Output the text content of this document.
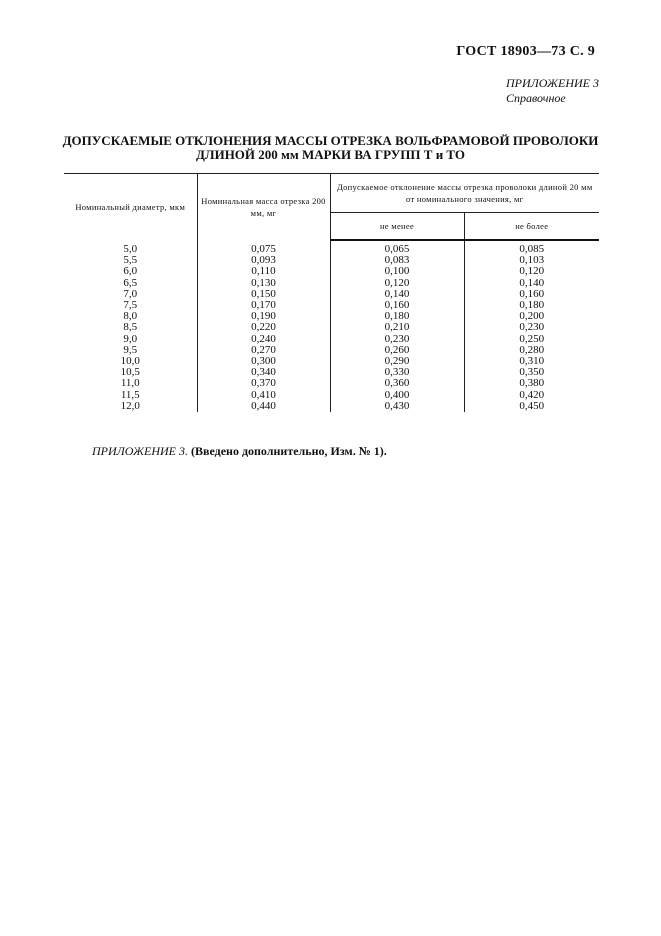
ГОСТ 18903—73 С. 9
ПРИЛОЖЕНИЕ 3
Справочное
ДОПУСКАЕМЫЕ ОТКЛОНЕНИЯ МАССЫ ОТРЕЗКА ВОЛЬФРАМОВОЙ ПРОВОЛОКИ
ДЛИНОЙ 200 мм МАРКИ ВА ГРУПП Т и ТО
Номинальный диаметр, мкм	Номинальная масса отрезка 200 мм, мг	Допускаемое отклонение массы отрезка проволоки длиной 20 мм от номинального значения, мг	
		не менее	не более
5,0	0,075	0,065	0,085
5,5	0,093	0,083	0,103
6,0	0,110	0,100	0,120
6,5	0,130	0,120	0,140
7,0	0,150	0,140	0,160
7,5	0,170	0,160	0,180
8,0	0,190	0,180	0,200
8,5	0,220	0,210	0,230
9,0	0,240	0,230	0,250
9,5	0,270	0,260	0,280
10,0	0,300	0,290	0,310
10,5	0,340	0,330	0,350
11,0	0,370	0,360	0,380
11,5	0,410	0,400	0,420
12,0	0,440	0,430	0,450
ПРИЛОЖЕНИЕ 3. (Введено дополнительно, Изм. № 1).
